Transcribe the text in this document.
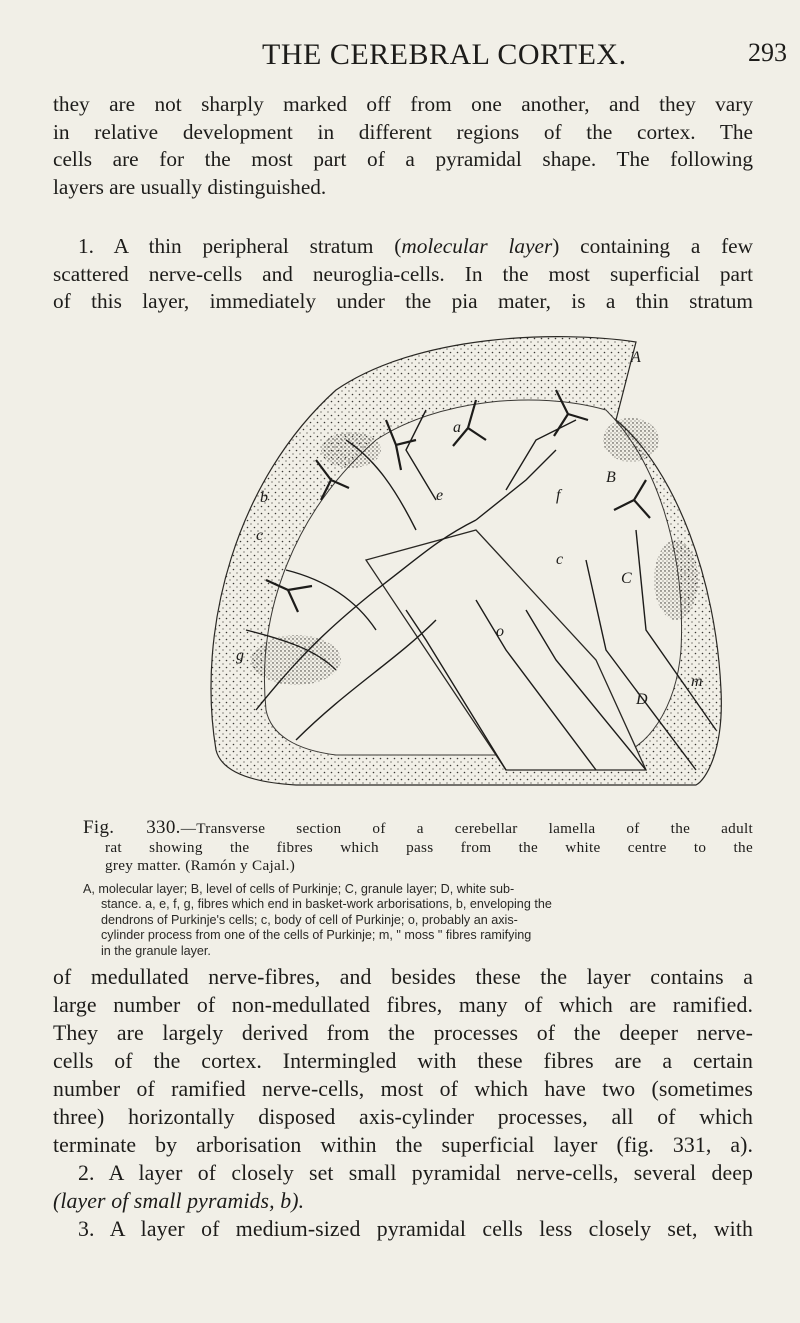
THE CEREBRAL CORTEX.	293
they are not sharply marked off from one another, and they vary
in relative development in different regions of the cortex. The
cells are for the most part of a pyramidal shape. The following
layers are usually distinguished.
1. A thin peripheral stratum (molecular layer) containing a few
scattered nerve-cells and neuroglia-cells. In the most superficial part
of this layer, immediately under the pia mater, is a thin stratum
A
B
C
D
a
b
c
e	f
g
o
m
c
Fig. 330.—Transverse section of a cerebellar lamella of the adult
rat showing the fibres which pass from the white centre to the
grey matter. (Ramón y Cajal.)
A, molecular layer; B, level of cells of Purkinje; C, granule layer; D, white sub-
stance. a, e, f, g, fibres which end in basket-work arborisations, b, enveloping the
dendrons of Purkinje's cells; c, body of cell of Purkinje; o, probably an axis-
cylinder process from one of the cells of Purkinje; m, " moss " fibres ramifying
in the granule layer.
of medullated nerve-fibres, and besides these the layer contains a
large number of non-medullated fibres, many of which are ramified.
They are largely derived from the processes of the deeper nerve-
cells of the cortex. Intermingled with these fibres are a certain
number of ramified nerve-cells, most of which have two (sometimes
three) horizontally disposed axis-cylinder processes, all of which
terminate by arborisation within the superficial layer (fig. 331, a).
2. A layer of closely set small pyramidal nerve-cells, several deep
(layer of small pyramids, b).
3. A layer of medium-sized pyramidal cells less closely set, with
